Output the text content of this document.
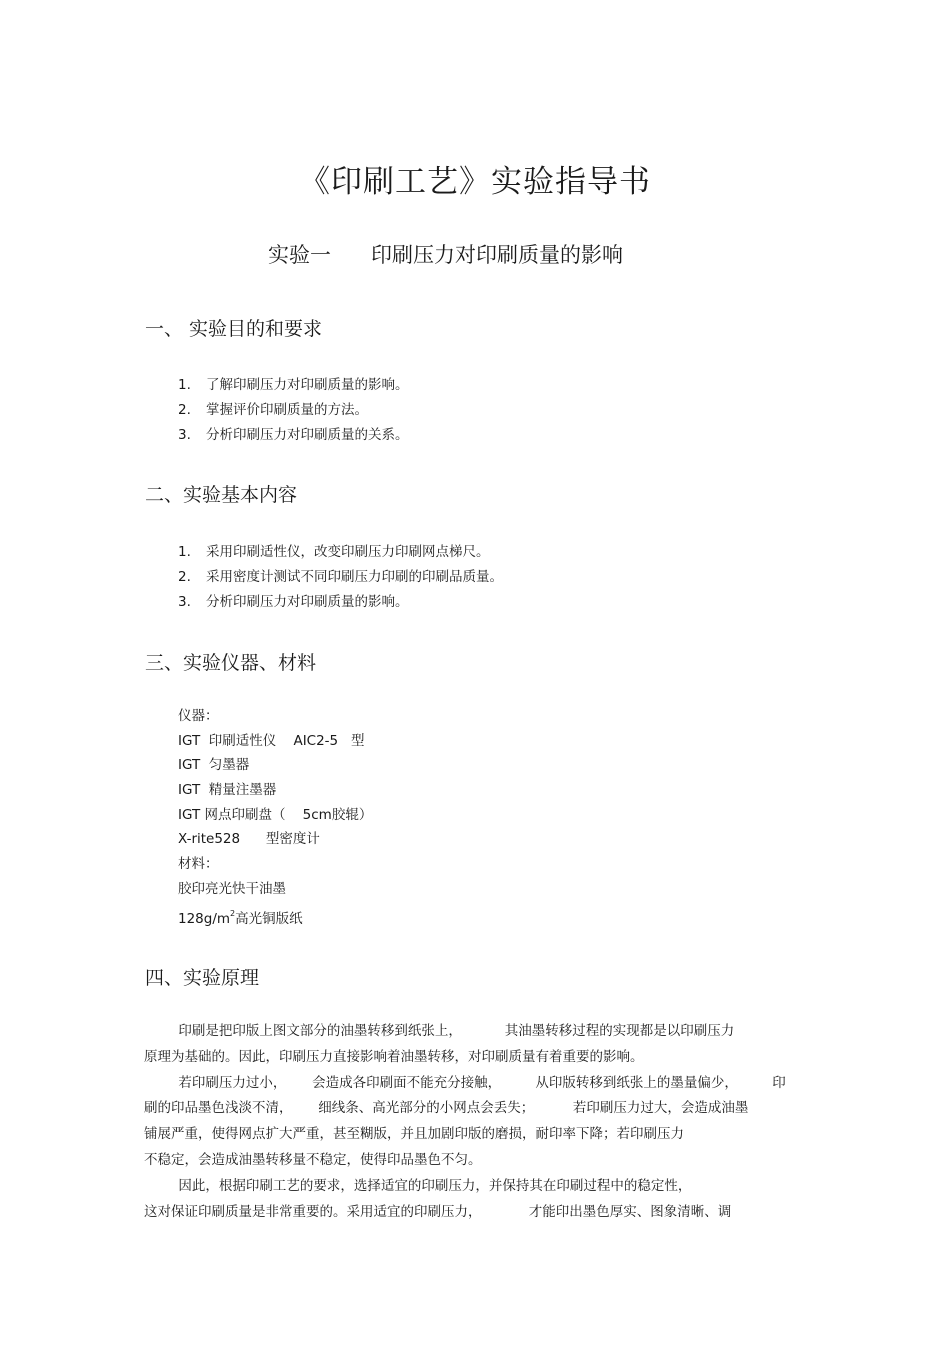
《印刷工艺》实验指导书
实验一      印刷压力对印刷质量的影响
一、 实验目的和要求
1. 了解印刷压力对印刷质量的影响。
2. 掌握评价印刷质量的方法。
3. 分析印刷压力对印刷质量的关系。
二、实验基本内容
1. 采用印刷适性仪，改变印刷压力印刷网点梯尺。
2. 采用密度计测试不同印刷压力印刷的印刷品质量。
3. 分析印刷压力对印刷质量的影响。
三、实验仪器、材料
仪器：
IGT  印刷适性仪    AIC2-5   型
IGT  匀墨器
IGT  精量注墨器
IGT 网点印刷盘（    5cm胶辊）
X-rite528      型密度计
材料：
胶印亮光快干油墨
$128g/m^2$高光铜版纸
四、实验原理
印刷是把印版上图文部分的油墨转移到纸张上，          其油墨转移过程的实现都是以印刷压力
原理为基础的。因此，印刷压力直接影响着油墨转移，对印刷质量有着重要的影响。
若印刷压力过小，      会造成各印刷面不能充分接触，        从印版转移到纸张上的墨量偏少，        印
刷的印品墨色浅淡不清，      细线条、高光部分的小网点会丢失；         若印刷压力过大，会造成油墨
铺展严重，使得网点扩大严重，甚至糊版，并且加剧印版的磨损，耐印率下降；若印刷压力
不稳定，会造成油墨转移量不稳定，使得印品墨色不匀。
因此，根据印刷工艺的要求，选择适宜的印刷压力，并保持其在印刷过程中的稳定性，
这对保证印刷质量是非常重要的。采用适宜的印刷压力，           才能印出墨色厚实、图象清晰、调
